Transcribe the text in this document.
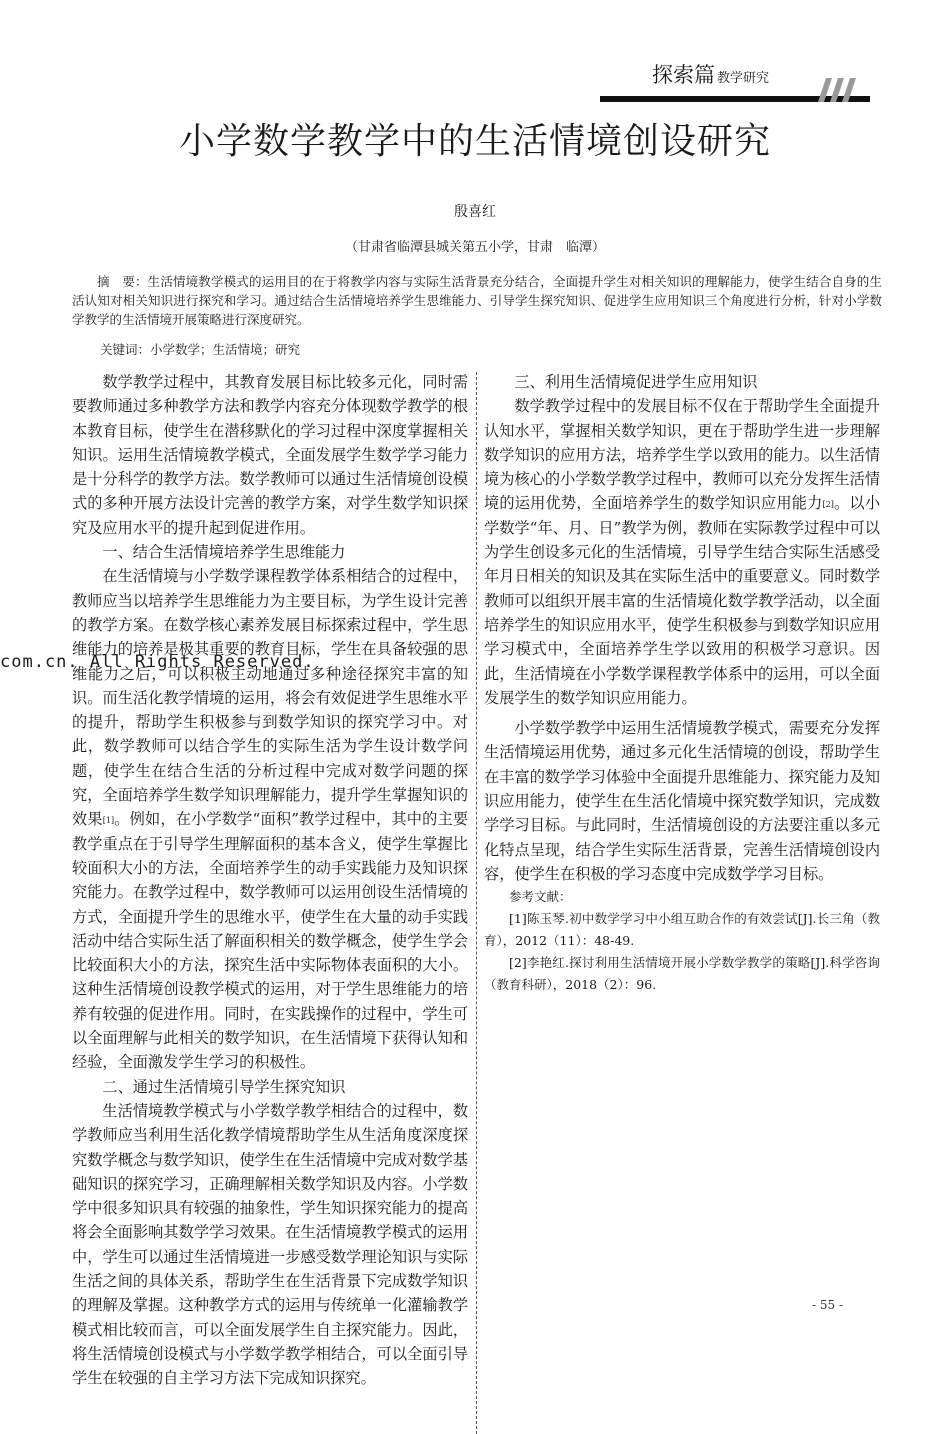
探索篇 教学研究
小学数学教学中的生活情境创设研究
殷喜红
（甘肃省临潭县城关第五小学，甘肃　临潭）
摘　要：生活情境教学模式的运用目的在于将教学内容与实际生活背景充分结合，全面提升学生对相关知识的理解能力，使学生结合自身的生活认知对相关知识进行探究和学习。通过结合生活情境培养学生思维能力、引导学生探究知识、促进学生应用知识三个角度进行分析，针对小学数学教学的生活情境开展策略进行深度研究。
关键词：小学数学；生活情境；研究

数学教学过程中，其教育发展目标比较多元化，同时需要教师通过多种教学方法和教学内容充分体现数学教学的根本教育目标，使学生在潜移默化的学习过程中深度掌握相关知识。运用生活情境教学模式，全面发展学生数学学习能力是十分科学的教学方法。数学教师可以通过生活情境创设模式的多种开展方法设计完善的教学方案，对学生数学知识探究及应用水平的提升起到促进作用。

一、结合生活情境培养学生思维能力

在生活情境与小学数学课程教学体系相结合的过程中，教师应当以培养学生思维能力为主要目标，为学生设计完善的教学方案。在数学核心素养发展目标探索过程中，学生思维能力的培养是极其重要的教育目标，学生在具备较强的思维能力之后，可以积极主动地通过多种途径探究丰富的知识。而生活化教学情境的运用，将会有效促进学生思维水平的提升，帮助学生积极参与到数学知识的探究学习中。对此，数学教师可以结合学生的实际生活为学生设计数学问题，使学生在结合生活的分析过程中完成对数学问题的探究，全面培养学生数学知识理解能力，提升学生掌握知识的效果[1]。例如，在小学数学“面积”教学过程中，其中的主要教学重点在于引导学生理解面积的基本含义，使学生掌握比较面积大小的方法，全面培养学生的动手实践能力及知识探究能力。在教学过程中，数学教师可以运用创设生活情境的方式，全面提升学生的思维水平，使学生在大量的动手实践活动中结合实际生活了解面积相关的数学概念，使学生学会比较面积大小的方法，探究生活中实际物体表面积的大小。这种生活情境创设教学模式的运用，对于学生思维能力的培养有较强的促进作用。同时，在实践操作的过程中，学生可以全面理解与此相关的数学知识，在生活情境下获得认知和经验，全面激发学生学习的积极性。

二、通过生活情境引导学生探究知识

生活情境教学模式与小学数学教学相结合的过程中，数学教师应当利用生活化教学情境帮助学生从生活角度深度探究数学概念与数学知识，使学生在生活情境中完成对数学基础知识的探究学习，正确理解相关数学知识及内容。小学数学中很多知识具有较强的抽象性，学生知识探究能力的提高将会全面影响其数学学习效果。在生活情境教学模式的运用中，学生可以通过生活情境进一步感受数学理论知识与实际生活之间的具体关系，帮助学生在生活背景下完成数学知识的理解及掌握。这种教学方式的运用与传统单一化灌输教学模式相比较而言，可以全面发展学生自主探究能力。因此，将生活情境创设模式与小学数学教学相结合，可以全面引导学生在较强的自主学习方法下完成知识探究。

三、利用生活情境促进学生应用知识

数学教学过程中的发展目标不仅在于帮助学生全面提升认知水平，掌握相关数学知识，更在于帮助学生进一步理解数学知识的应用方法，培养学生学以致用的能力。以生活情境为核心的小学数学教学过程中，教师可以充分发挥生活情境的运用优势，全面培养学生的数学知识应用能力[2]。以小学数学“年、月、日”教学为例，教师在实际教学过程中可以为学生创设多元化的生活情境，引导学生结合实际生活感受年月日相关的知识及其在实际生活中的重要意义。同时数学教师可以组织开展丰富的生活情境化数学教学活动，以全面培养学生的知识应用水平，使学生积极参与到数学知识应用学习模式中，全面培养学生学以致用的积极学习意识。因此，生活情境在小学数学课程教学体系中的运用，可以全面发展学生的数学知识应用能力。

小学数学教学中运用生活情境教学模式，需要充分发挥生活情境运用优势，通过多元化生活情境的创设，帮助学生在丰富的数学学习体验中全面提升思维能力、探究能力及知识应用能力，使学生在生活化情境中探究数学知识，完成数学学习目标。与此同时，生活情境创设的方法要注重以多元化特点呈现，结合学生实际生活背景，完善生活情境创设内容，使学生在积极的学习态度中完成数学学习目标。

参考文献：

[1]陈玉琴.初中数学学习中小组互助合作的有效尝试[J].长三角（教育），2012（11）：48-49.

[2]李艳红.探讨利用生活情境开展小学数学教学的策略[J].科学咨询（教育科研），2018（2）：96.

- 55 -
com.cn. All Rights Reserved.
